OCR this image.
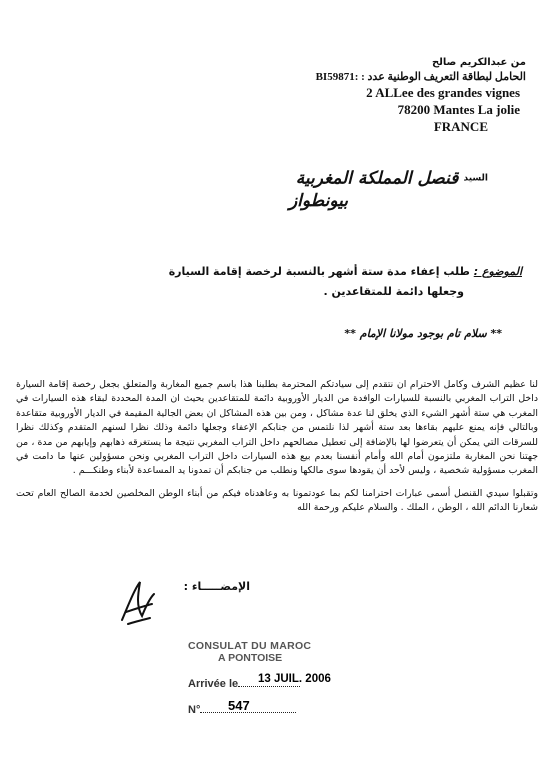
من عبدالكريم صالح
BI59871: الحامل لبطاقة التعريف الوطنية عدد :
2 ALLee des grandes vignes
78200 Mantes La jolie
FRANCE
السيد قنصل المملكة المغربية
بيونطواز
الموضوع : طلب إعفاء مدة ستة أشهر بالنسبة لرخصة إقامة السيارة
وجعلها دائمة للمتقاعدين .
** سلام تام بوجود مولانا الإمام **

لنا عظيم الشرف وكامل الاحترام ان نتقدم إلى سيادتكم المحترمة بطلبنا هذا باسم جميع المغاربة والمتعلق بجعل رخصة إقامة السيارة داخل التراب المغربي بالنسبة للسيارات الوافدة من الديار الأوروبية دائمة للمتقاعدين بحيث ان المدة المحددة لبقاء هذه السيارات في المغرب هي ستة أشهر الشيء الذي يخلق لنا عدة مشاكل ، ومن بين هذه المشاكل ان بعض الجالية المقيمة في الديار الأوروبية متقاعدة وبالتالي فإنه يمنع عليهم بقاءها بعد ستة أشهر لذا نلتمس من جنابكم الإعفاء وجعلها دائمة وذلك نظرا لسنهم المتقدم وكذلك نظرا للسرقات التي يمكن أن يتعرضوا لها بالإضافة إلى تعطيل مصالحهم داخل التراب المغربي نتيجة ما يستغرقه ذهابهم وإيابهم من مدة ، من جهتنا نحن المغاربة ملتزمون أمام الله وأمام أنفسنا بعدم بيع هذه السيارات داخل التراب المغربي ونحن مسؤولين عنها ما دامت في المغرب مسؤولية شخصية ، وليس لأحد أن يقودها سوى مالكها ونطلب من جنابكم أن تمدونا يد المساعدة لأبناء وطنكـــم .

وتقبلوا سيدي القنصل أسمى عبارات احترامنا لكم بما عودتمونا به وعاهدناه فيكم من أبناء الوطن المخلصين لخدمة الصالح العام تحت شعارنا الدائم الله ، الوطن ، الملك . والسلام عليكم ورحمة الله

الإمضـــــاء :
CONSULAT DU MAROC
A PONTOISE
Arrivée le 13 JUIL. 2006
N° 547
